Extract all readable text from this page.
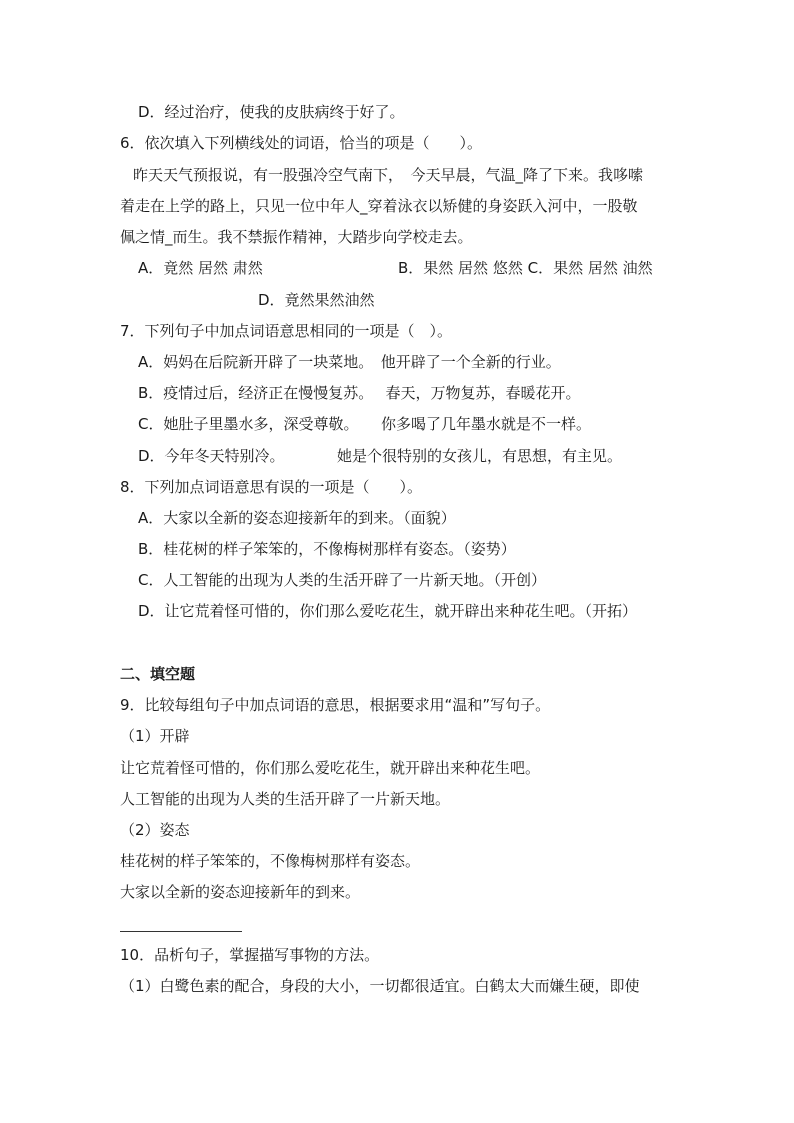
D．经过治疗，使我的皮肤病终于好了。
6．依次填入下列横线处的词语，恰当的项是（　　）。
昨天天气预报说，有一股强冷空气南下，　今天早晨，气温_降了下来。我哆嗦
着走在上学的路上，只见一位中年人_穿着泳衣以矫健的身姿跃入河中，一股敬
佩之情_而生。我不禁振作精神，大踏步向学校走去。
A．竟然 居然 肃然	B．果然 居然 悠然 C．果然 居然 油然
D．竟然果然油然
7．下列句子中加点词语意思相同的一项是（　）。
A．妈妈在后院新开辟了一块菜地。　他开辟了一个全新的行业。
B．疫情过后，经济正在慢慢复苏。　 春天，万物复苏，春暖花开。
C．她肚子里墨水多，深受尊敬。　　你多喝了几年墨水就是不一样。
D．今年冬天特别冷。　　　　她是个很特别的女孩儿，有思想，有主见。
8．下列加点词语意思有误的一项是（　　）。
A．大家以全新的姿态迎接新年的到来。（面貌）
B．桂花树的样子笨笨的，不像梅树那样有姿态。（姿势）
C．人工智能的出现为人类的生活开辟了一片新天地。（开创）
D．让它荒着怪可惜的，你们那么爱吃花生，就开辟出来种花生吧。（开拓）
二、填空题
9．比较每组句子中加点词语的意思，根据要求用“温和”写句子。
（1）开辟
让它荒着怪可惜的，你们那么爱吃花生，就开辟出来种花生吧。
人工智能的出现为人类的生活开辟了一片新天地。
（2）姿态
桂花树的样子笨笨的，不像梅树那样有姿态。
大家以全新的姿态迎接新年的到来。
10．品析句子，掌握描写事物的方法。
（1）白鹭色素的配合，身段的大小，一切都很适宜。白鹤太大而嫌生硬，即使
